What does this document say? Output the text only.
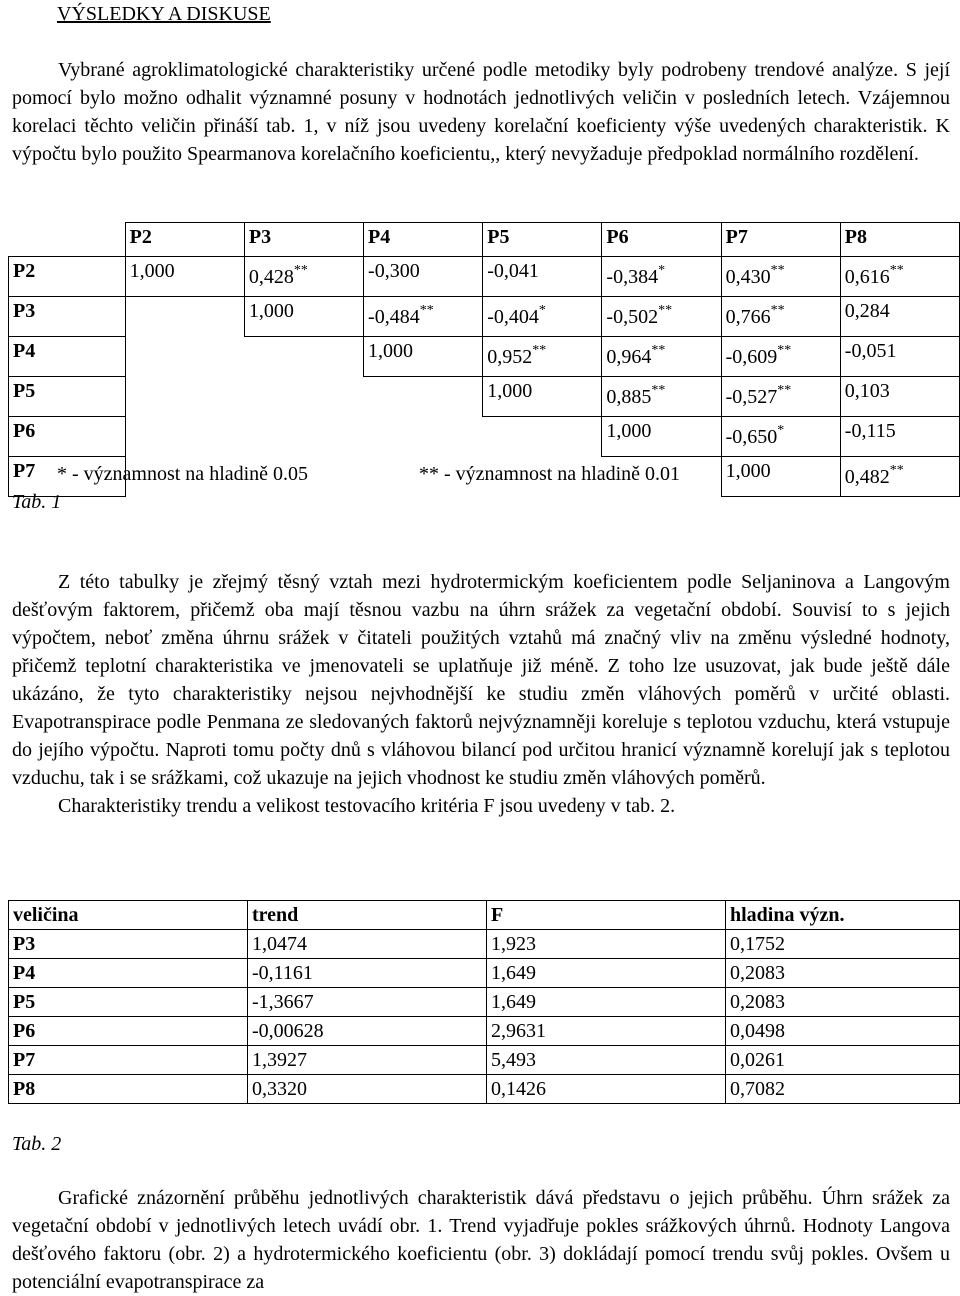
VÝSLEDKY A DISKUSE

Vybrané agroklimatologické charakteristiky určené podle metodiky byly podrobeny trendové analýze. S její pomocí bylo možno odhalit významné posuny v hodnotách jednotlivých veličin v posledních letech. Vzájemnou korelaci těchto veličin přináší tab. 1, v níž jsou uvedeny korelační koeficienty výše uvedených charakteristik. K výpočtu bylo použito Spearmanova korelačního koeficientu,, který nevyžaduje předpoklad normálního rozdělení.

	P2	P3	P4	P5	P6	P7	P8
P2	1,000	0,428**	-0,300	-0,041	-0,384*	0,430**	0,616**
P3		1,000	-0,484**	-0,404*	-0,502**	0,766**	0,284
P4			1,000	0,952**	0,964**	-0,609**	-0,051
P5				1,000	0,885**	-0,527**	0,103
P6					1,000	-0,650*	-0,115
P7						1,000	0,482**
* - významnost na hladině 0.05	** - významnost na hladině 0.01
Tab. 1

Z této tabulky je zřejmý těsný vztah mezi hydrotermickým koeficientem podle Seljaninova a Langovým dešťovým faktorem, přičemž oba mají těsnou vazbu na úhrn srážek za vegetační období. Souvisí to s jejich výpočtem, neboť změna úhrnu srážek v čitateli použitých vztahů má značný vliv na změnu výsledné hodnoty, přičemž teplotní charakteristika ve jmenovateli se uplatňuje již méně. Z toho lze usuzovat, jak bude ještě dále ukázáno, že tyto charakteristiky nejsou nejvhodnější ke studiu změn vláhových poměrů v určité oblasti. Evapotranspirace podle Penmana ze sledovaných faktorů nejvýznamněji koreluje s teplotou vzduchu, která vstupuje do jejího výpočtu. Naproti tomu počty dnů s vláhovou bilancí pod určitou hranicí významně korelují jak s teplotou vzduchu, tak i se srážkami, což ukazuje na jejich vhodnost ke studiu změn vláhových poměrů.

Charakteristiky trendu a velikost testovacího kritéria F jsou uvedeny v tab. 2.

veličina	trend	F	hladina význ.
P3	1,0474	1,923	0,1752
P4	-0,1161	1,649	0,2083
P5	-1,3667	1,649	0,2083
P6	-0,00628	2,9631	0,0498
P7	1,3927	5,493	0,0261
P8	0,3320	0,1426	0,7082
Tab. 2

Grafické znázornění průběhu jednotlivých charakteristik dává představu o jejich průběhu. Úhrn srážek za vegetační období v jednotlivých letech uvádí obr. 1. Trend vyjadřuje pokles srážkových úhrnů. Hodnoty Langova dešťového faktoru (obr. 2) a hydrotermického koeficientu (obr. 3) dokládají pomocí trendu svůj pokles. Ovšem u potenciální evapotranspirace za
